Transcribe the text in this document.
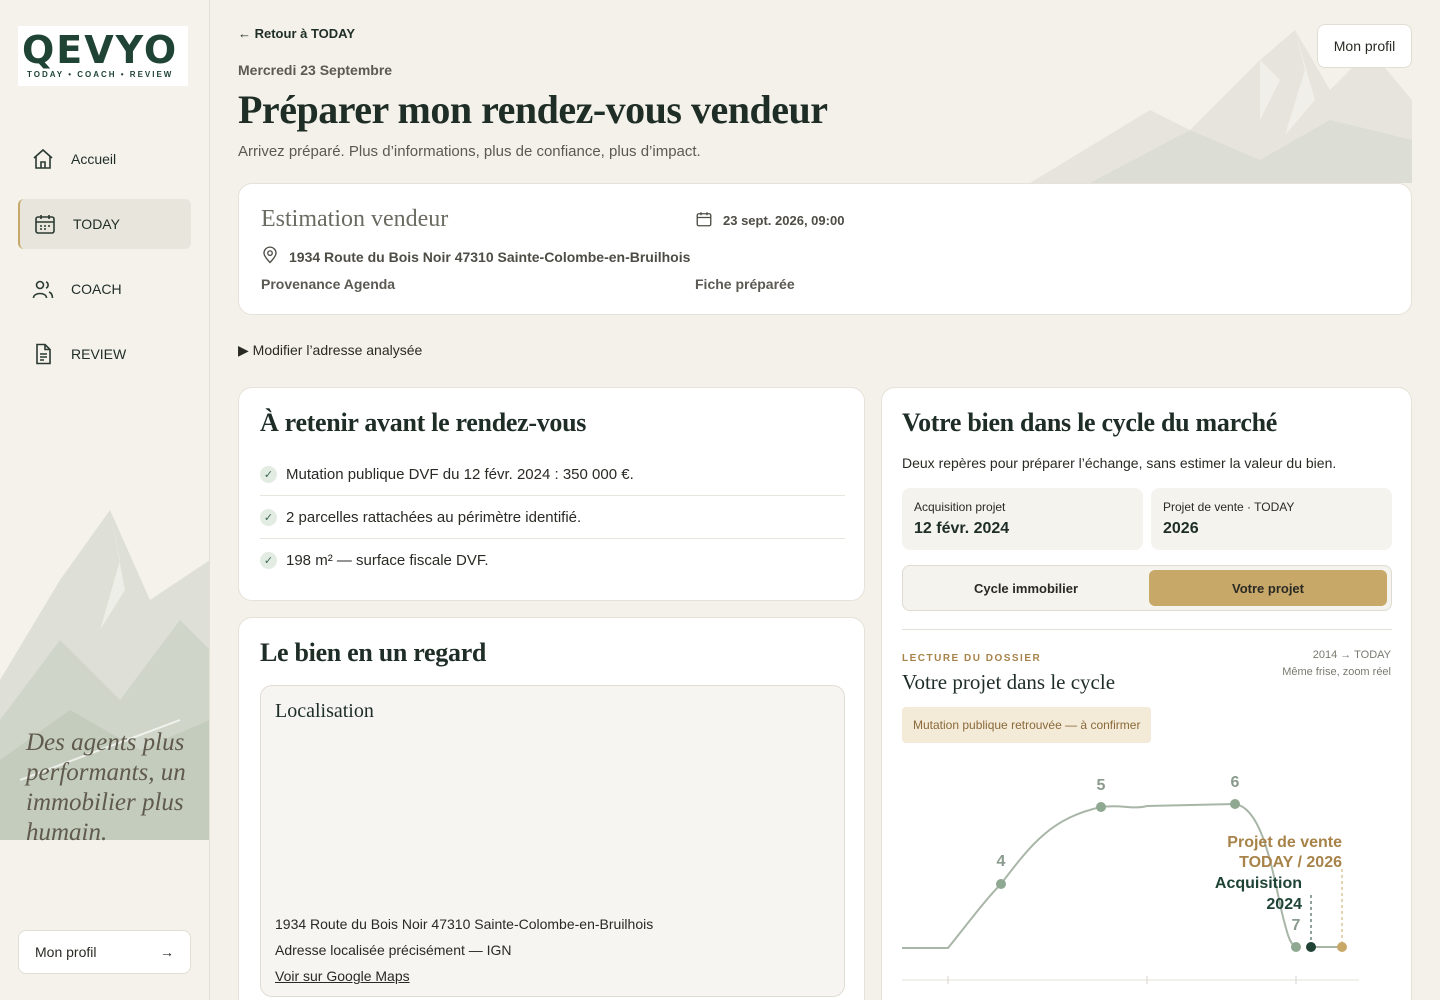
QEVYO
TODAY • COACH • REVIEW
Accueil
TODAY
COACH
REVIEW
Des agents plus performants, un immobilier plus humain.
Mon profil	→
← Retour à TODAY
Mercredi 23 Septembre
Préparer mon rendez-vous vendeur
Arrivez préparé. Plus d’informations, plus de confiance, plus d’impact.
Mon profil
Estimation vendeur	23 sept. 2026, 09:00
1934 Route du Bois Noir 47310 Sainte-Colombe-en-Bruilhois
Provenance Agenda	Fiche préparée
▶ Modifier l’adresse analysée
À retenir avant le rendez-vous
✓ Mutation publique DVF du 12 févr. 2024 : 350 000 €.
✓ 2 parcelles rattachées au périmètre identifié.
✓ 198 m² — surface fiscale DVF.
Le bien en un regard
Localisation
1934 Route du Bois Noir 47310 Sainte-Colombe-en-Bruilhois
Adresse localisée précisément — IGN
Voir sur Google Maps
Votre bien dans le cycle du marché
Deux repères pour préparer l’échange, sans estimer la valeur du bien.
Acquisition projet
12 févr. 2024
Projet de vente · TODAY
2026
Cycle immobilier	Votre projet
LECTURE DU DOSSIER
Votre projet dans le cycle
2014 → TODAY
Même frise, zoom réel
Mutation publique retrouvée — à confirmer
4
5	6
7
Projet de vente
TODAY / 2026
Acquisition
2024
